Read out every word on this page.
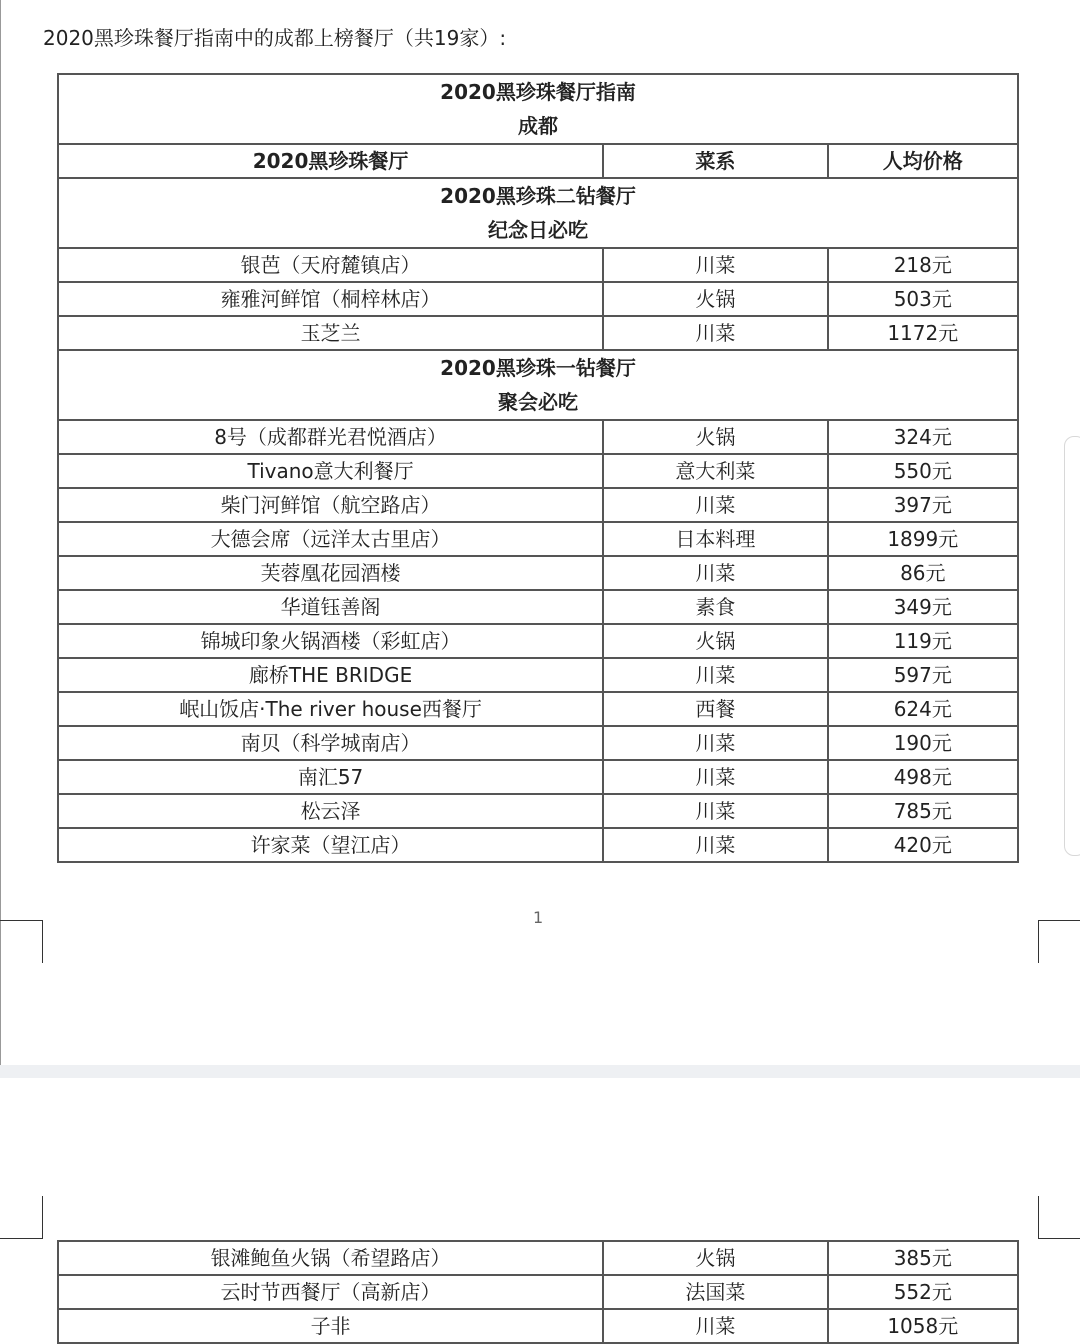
2020黑珍珠餐厅指南中的成都上榜餐厅（共19家）:
2020黑珍珠餐厅指南
成都		

2020黑珍珠餐厅	菜系	人均价格

2020黑珍珠二钻餐厅
纪念日必吃		

银芭（天府麓镇店）	川菜	218元
雍雅河鲜馆（桐梓林店）	火锅	503元
玉芝兰	川菜	1172元

2020黑珍珠一钻餐厅
聚会必吃		

8号（成都群光君悦酒店）	火锅	324元
Tivano意大利餐厅	意大利菜	550元
柴门河鲜馆（航空路店）	川菜	397元
大德会席（远洋太古里店）	日本料理	1899元
芙蓉凰花园酒楼	川菜	86元
华道钰善阁	素食	349元
锦城印象火锅酒楼（彩虹店）	火锅	119元
廊桥THE BRIDGE	川菜	597元
岷山饭店·The river house西餐厅	西餐	624元
南贝（科学城南店）	川菜	190元
南汇57	川菜	498元
松云泽	川菜	785元
许家菜（望江店）	川菜	420元
1
银滩鲍鱼火锅（希望路店）	火锅	385元
云时节西餐厅（高新店）	法国菜	552元
子非	川菜	1058元
